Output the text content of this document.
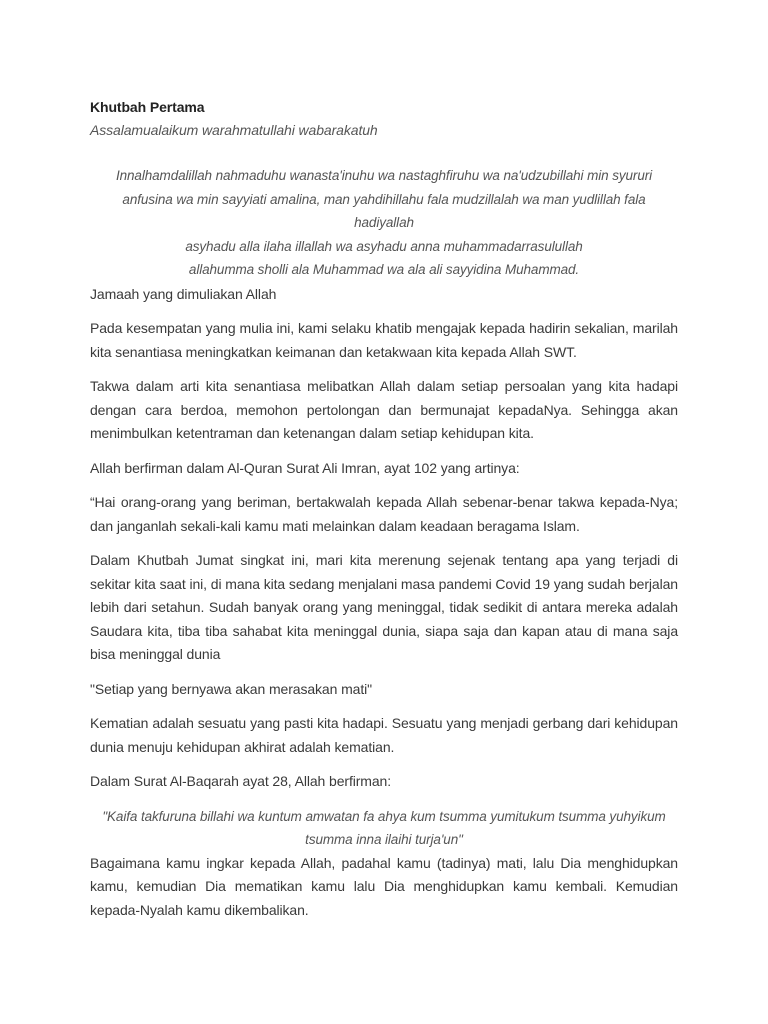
Khutbah Pertama

Assalamualaikum warahmatullahi wabarakatuh

Innalhamdalillah nahmaduhu wanasta'inuhu wa nastaghfiruhu wa na'udzubillahi min syururi
anfusina wa min sayyiati amalina, man yahdihillahu fala mudzillalah wa man yudlillah fala
hadiyallah
asyhadu alla ilaha illallah wa asyhadu anna muhammadarrasulullah
allahumma sholli ala Muhammad wa ala ali sayyidina Muhammad.

Jamaah yang dimuliakan Allah

Pada kesempatan yang mulia ini, kami selaku khatib mengajak kepada hadirin sekalian, marilah kita senantiasa meningkatkan keimanan dan ketakwaan kita kepada Allah SWT.

Takwa dalam arti kita senantiasa melibatkan Allah dalam setiap persoalan yang kita hadapi dengan cara berdoa, memohon pertolongan dan bermunajat kepadaNya. Sehingga akan menimbulkan ketentraman dan ketenangan dalam setiap kehidupan kita.

Allah berfirman dalam Al-Quran Surat Ali Imran, ayat 102 yang artinya:

“Hai orang-orang yang beriman, bertakwalah kepada Allah sebenar-benar takwa kepada-Nya; dan janganlah sekali-kali kamu mati melainkan dalam keadaan beragama Islam.

Dalam Khutbah Jumat singkat ini, mari kita merenung sejenak tentang apa yang terjadi di sekitar kita saat ini, di mana kita sedang menjalani masa pandemi Covid 19 yang sudah berjalan lebih dari setahun. Sudah banyak orang yang meninggal, tidak sedikit di antara mereka adalah Saudara kita, tiba tiba sahabat kita meninggal dunia, siapa saja dan kapan atau di mana saja bisa meninggal dunia

"Setiap yang bernyawa akan merasakan mati"

Kematian adalah sesuatu yang pasti kita hadapi. Sesuatu yang menjadi gerbang dari kehidupan dunia menuju kehidupan akhirat adalah kematian.

Dalam Surat Al-Baqarah ayat 28, Allah berfirman:

"Kaifa takfuruna billahi wa kuntum amwatan fa ahya kum tsumma yumitukum tsumma yuhyikum tsumma inna ilaihi turja'un"

Bagaimana kamu ingkar kepada Allah, padahal kamu (tadinya) mati, lalu Dia menghidupkan kamu, kemudian Dia mematikan kamu lalu Dia menghidupkan kamu kembali. Kemudian kepada-Nyalah kamu dikembalikan.
